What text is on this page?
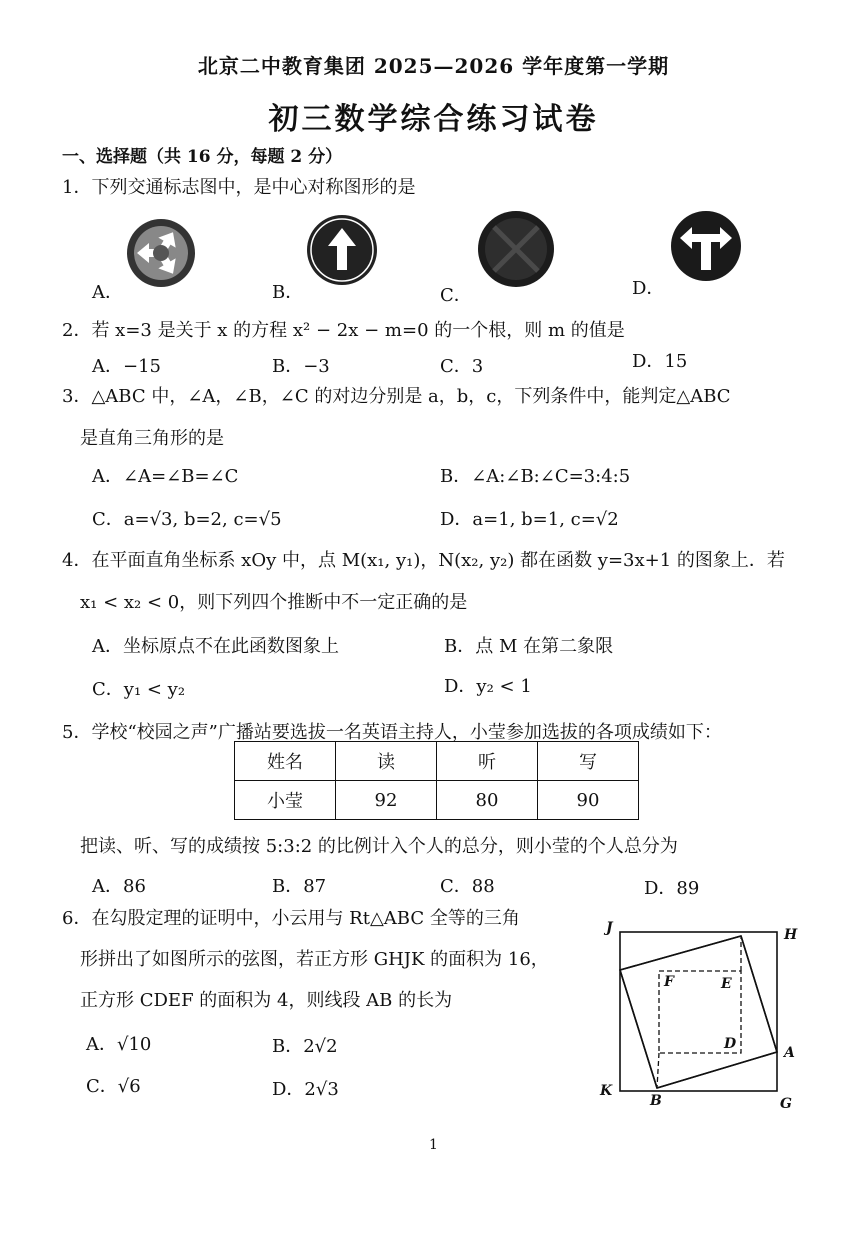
北京二中教育集团 2025—2026 学年度第一学期
初三数学综合练习试卷
一、选择题（共 16 分，每题 2 分）
1．下列交通标志图中，是中心对称图形的是
A．	B．	C．	D．
2．若 x=3 是关于 x 的方程 x² − 2x − m=0 的一个根，则 m 的值是
A．−15	B．−3	C．3	D．15
3．△ABC 中，∠A，∠B，∠C 的对边分别是 a，b，c，下列条件中，能判定△ABC
是直角三角形的是
A．∠A=∠B=∠C	B．∠A:∠B:∠C=3:4:5
C．a=√3, b=2, c=√5	D．a=1, b=1, c=√2
4．在平面直角坐标系 xOy 中，点 M(x₁, y₁)，N(x₂, y₂) 都在函数 y=3x+1 的图象上．若
x₁ < x₂ < 0，则下列四个推断中不一定正确的是
A．坐标原点不在此函数图象上	B．点 M 在第二象限
C．y₁ < y₂	D．y₂ < 1
5．学校“校园之声”广播站要选拔一名英语主持人，小莹参加选拔的各项成绩如下：
姓名	读	听	写
小莹	92	80	90
把读、听、写的成绩按 5:3:2 的比例计入个人的总分，则小莹的个人总分为
A．86	B．87	C．88	D．89
6．在勾股定理的证明中，小云用与 Rt△ABC 全等的三角
形拼出了如图所示的弦图，若正方形 GHJK 的面积为 16，
正方形 CDEF 的面积为 4，则线段 AB 的长为
A．√10	B．2√2
C．√6	D．2√3
J	H
F	E
D
A
K
B	G
1
